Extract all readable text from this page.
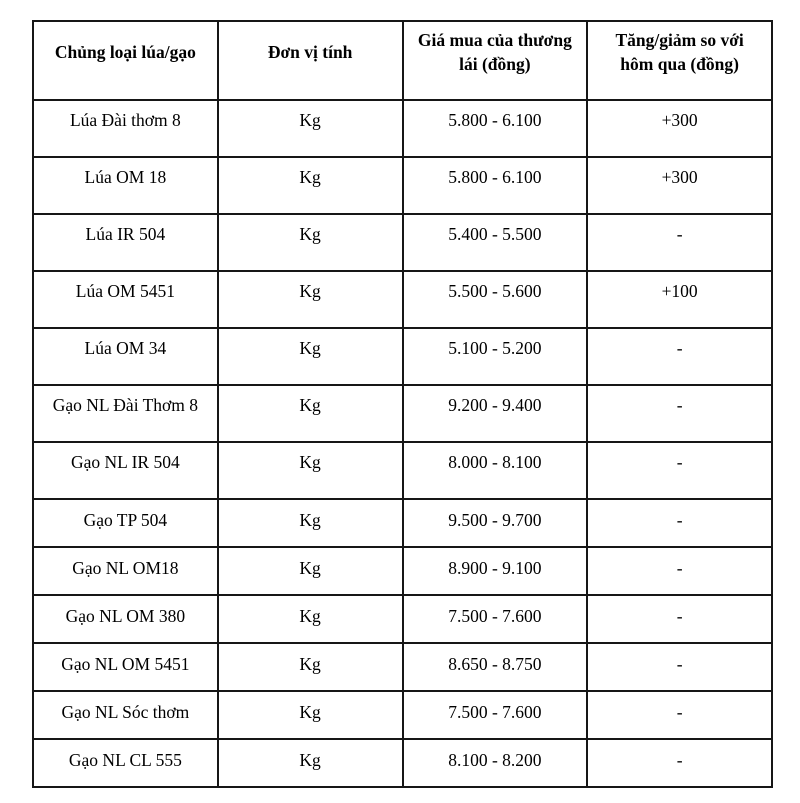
Chủng loại lúa/gạo	Đơn vị tính	Giá mua của thương lái (đồng)	Tăng/giảm so với hôm qua (đồng)
Lúa Đài thơm 8	Kg	5.800 - 6.100	+300
Lúa OM 18	Kg	5.800 - 6.100	+300
Lúa IR 504	Kg	5.400 - 5.500	-
Lúa OM 5451	Kg	5.500 - 5.600	+100
Lúa OM 34	Kg	5.100 - 5.200	-
Gạo NL Đài Thơm 8	Kg	9.200 - 9.400	-
Gạo NL IR 504	Kg	8.000 - 8.100	-
Gạo TP 504	Kg	9.500 - 9.700	-
Gạo NL OM18	Kg	8.900 - 9.100	-
Gạo NL OM 380	Kg	7.500 - 7.600	-
Gạo NL OM 5451	Kg	8.650 - 8.750	-
Gạo NL Sóc thơm	Kg	7.500 - 7.600	-
Gạo NL CL 555	Kg	8.100 - 8.200	-
